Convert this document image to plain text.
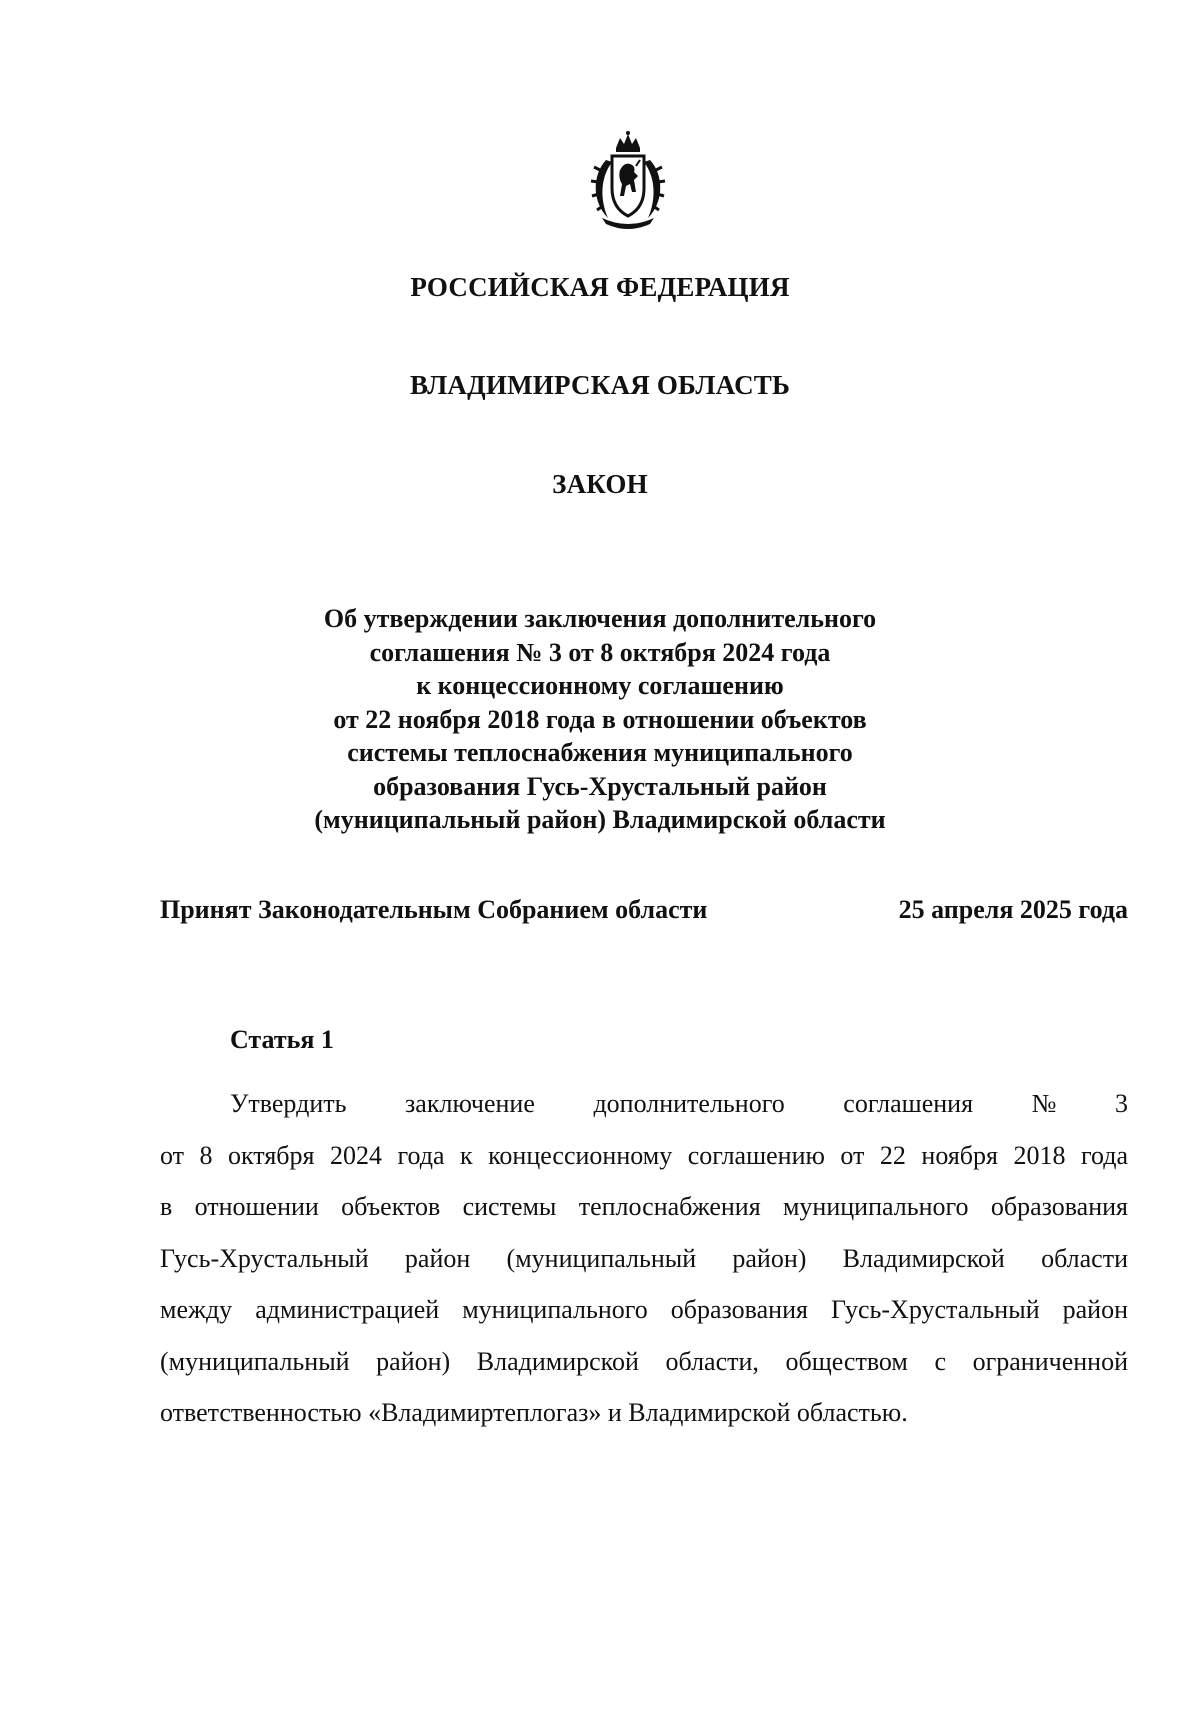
РОССИЙСКАЯ ФЕДЕРАЦИЯ
ВЛАДИМИРСКАЯ ОБЛАСТЬ
ЗАКОН
Об утверждении заключения дополнительного
соглашения № 3 от 8 октября 2024 года
к концессионному соглашению
от 22 ноября 2018 года в отношении объектов
системы теплоснабжения муниципального
образования Гусь-Хрустальный район
(муниципальный район) Владимирской области
Принят Законодательным Собранием области	25 апреля 2025 года
Статья 1
Утвердить заключение дополнительного соглашения № 3
от 8 октября 2024 года к концессионному соглашению от 22 ноября 2018 года
в отношении объектов системы теплоснабжения муниципального образования
Гусь-Хрустальный район (муниципальный район) Владимирской области
между администрацией муниципального образования Гусь-Хрустальный район
(муниципальный район) Владимирской области, обществом с ограниченной
ответственностью «Владимиртеплогаз» и Владимирской областью.
